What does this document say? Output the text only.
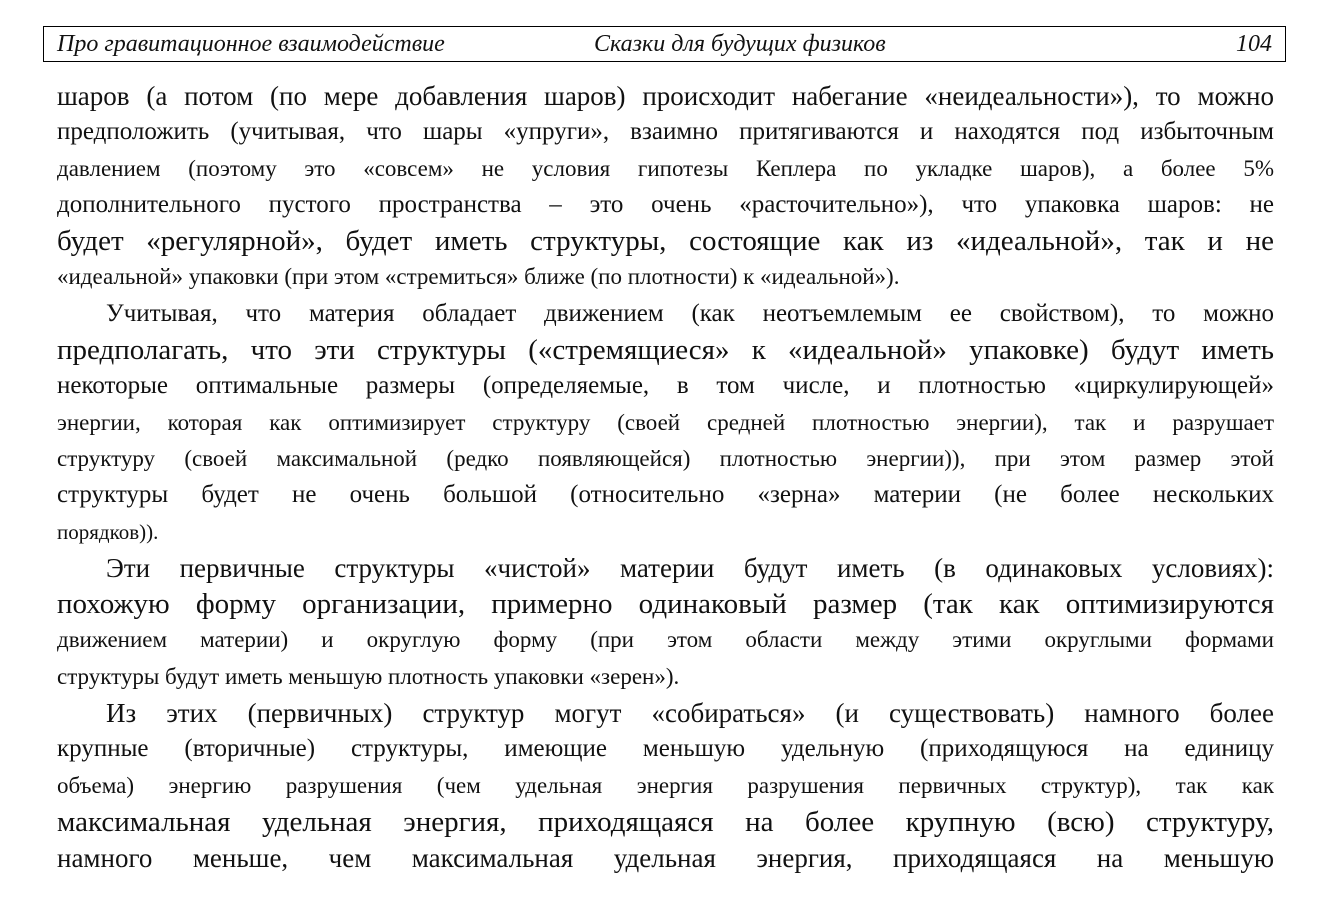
Про гравитационное взаимодействие	Сказки для будущих физиков	104
шаров (а потом (по мере добавления шаров) происходит набегание «неидеальности»), то можно
предположить (учитывая, что шары «упруги», взаимно притягиваются и находятся под избыточным
давлением (поэтому это «совсем» не условия гипотезы Кеплера по укладке шаров), а более 5%
дополнительного пустого пространства – это очень «расточительно»), что упаковка шаров: не
будет «регулярной», будет иметь структуры, состоящие как из «идеальной», так и не
«идеальной» упаковки (при этом «стремиться» ближе (по плотности) к «идеальной»).
Учитывая, что материя обладает движением (как неотъемлемым ее свойством), то можно
предполагать, что эти структуры («стремящиеся» к «идеальной» упаковке) будут иметь
некоторые оптимальные размеры (определяемые, в том числе, и плотностью «циркулирующей»
энергии, которая как оптимизирует структуру (своей средней плотностью энергии), так и разрушает
структуру (своей максимальной (редко появляющейся) плотностью энергии)), при этом размер этой
структуры будет не очень большой (относительно «зерна» материи (не более нескольких
порядков)).
Эти первичные структуры «чистой» материи будут иметь (в одинаковых условиях):
похожую форму организации, примерно одинаковый размер (так как оптимизируются
движением материи) и округлую форму (при этом области между этими округлыми формами
структуры будут иметь меньшую плотность упаковки «зерен»).
Из этих (первичных) структур могут «собираться» (и существовать) намного более
крупные (вторичные) структуры, имеющие меньшую удельную (приходящуюся на единицу
объема) энергию разрушения (чем удельная энергия разрушения первичных структур), так как
максимальная удельная энергия, приходящаяся на более крупную (всю) структуру,
намного меньше, чем максимальная удельная энергия, приходящаяся на меньшую
